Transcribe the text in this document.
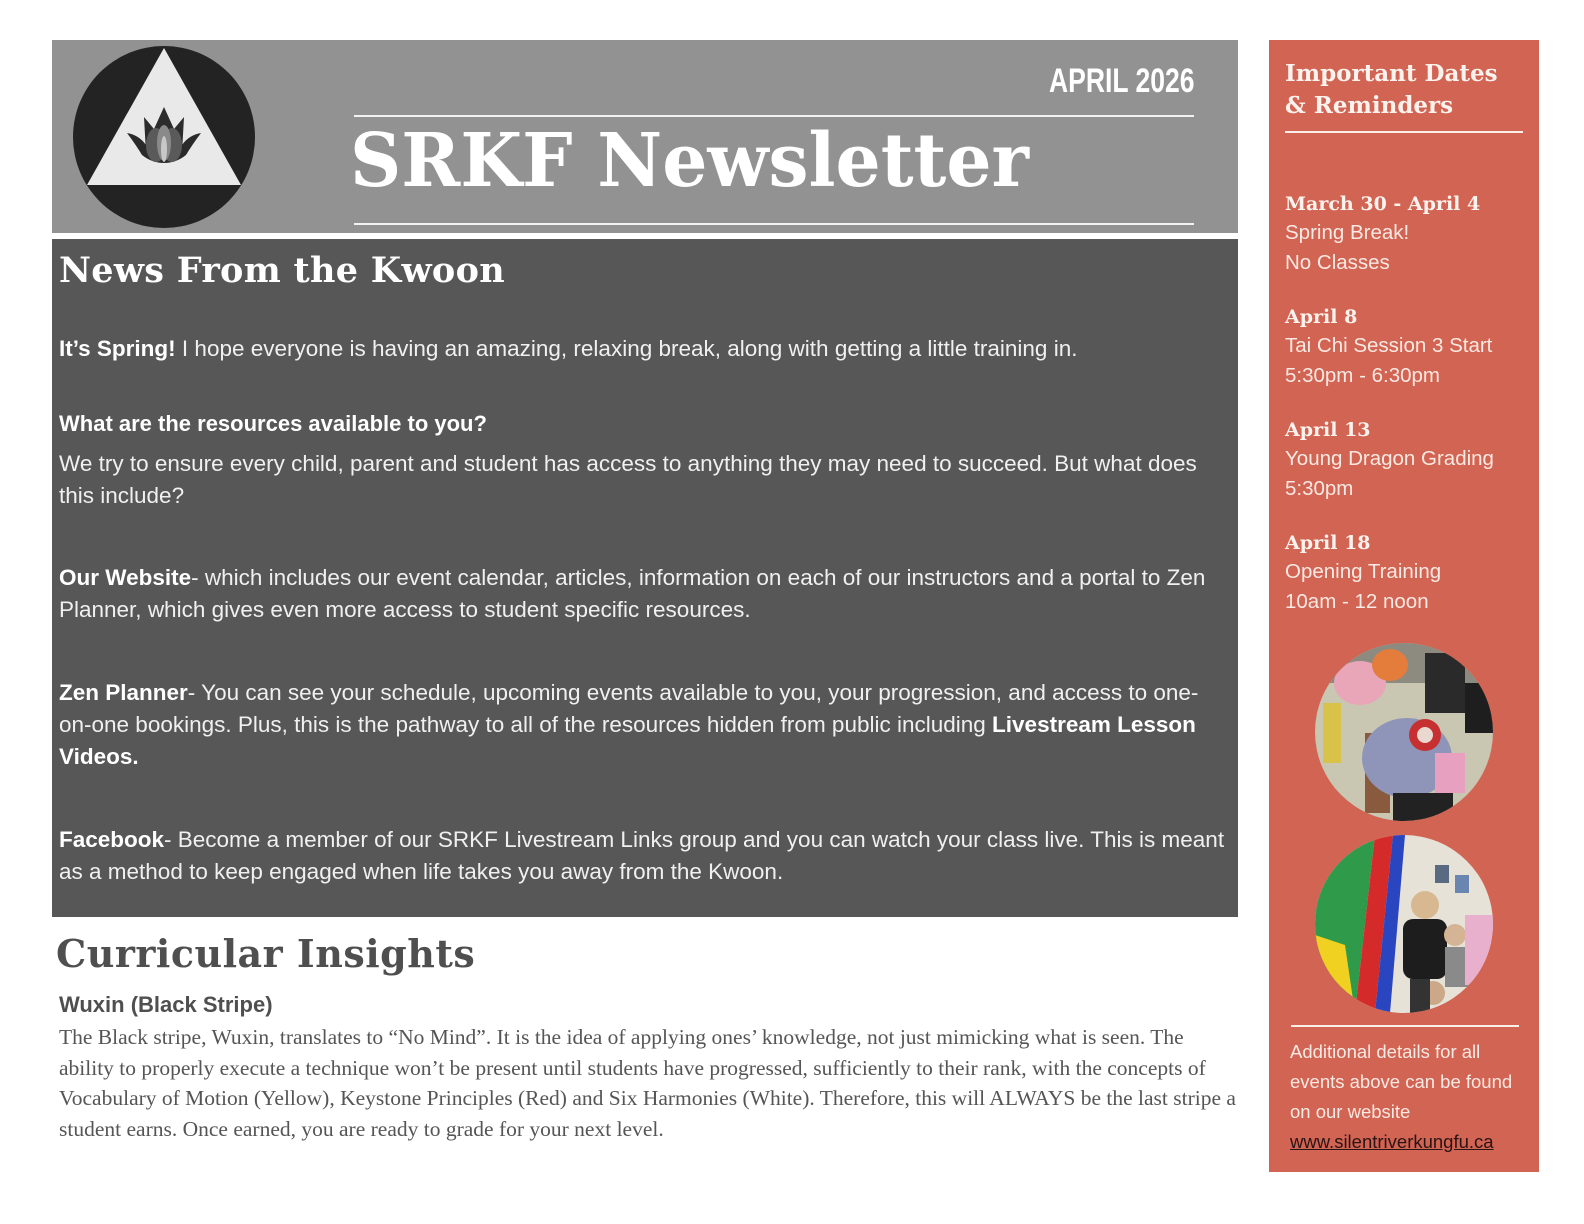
APRIL 2026
SRKF Newsletter
News From the Kwoon

It’s Spring! I hope everyone is having an amazing, relaxing break, along with getting a little training in.

What are the resources available to you?

We try to ensure every child, parent and student has access to anything they may need to succeed. But what does this include?

Our Website- which includes our event calendar, articles, information on each of our instructors and a portal to Zen Planner, which gives even more access to student specific resources.

Zen Planner- You can see your schedule, upcoming events available to you, your progression, and access to one-on-one bookings. Plus, this is the pathway to all of the resources hidden from public including Livestream Lesson Videos.

Facebook- Become a member of our SRKF Livestream Links group and you can watch your class live. This is meant as a method to keep engaged when life takes you away from the Kwoon.

Curricular Insights
Wuxin (Black Stripe)

The Black stripe, Wuxin, translates to “No Mind”. It is the idea of applying ones’ knowledge, not just mimicking what is seen. The ability to properly execute a technique won’t be present until students have progressed, sufficiently to their rank, with the concepts of Vocabulary of Motion (Yellow), Keystone Principles (Red) and Six Harmonies (White). Therefore, this will ALWAYS be the last stripe a student earns. Once earned, you are ready to grade for your next level.

Important Dates & Reminders
March 30 - April 4
Spring Break!
No Classes
April 8
Tai Chi Session 3 Start
5:30pm - 6:30pm
April 13
Young Dragon Grading
5:30pm
April 18
Opening Training
10am - 12 noon
Additional details for all events above can be found on our website
www.silentriverkungfu.ca
